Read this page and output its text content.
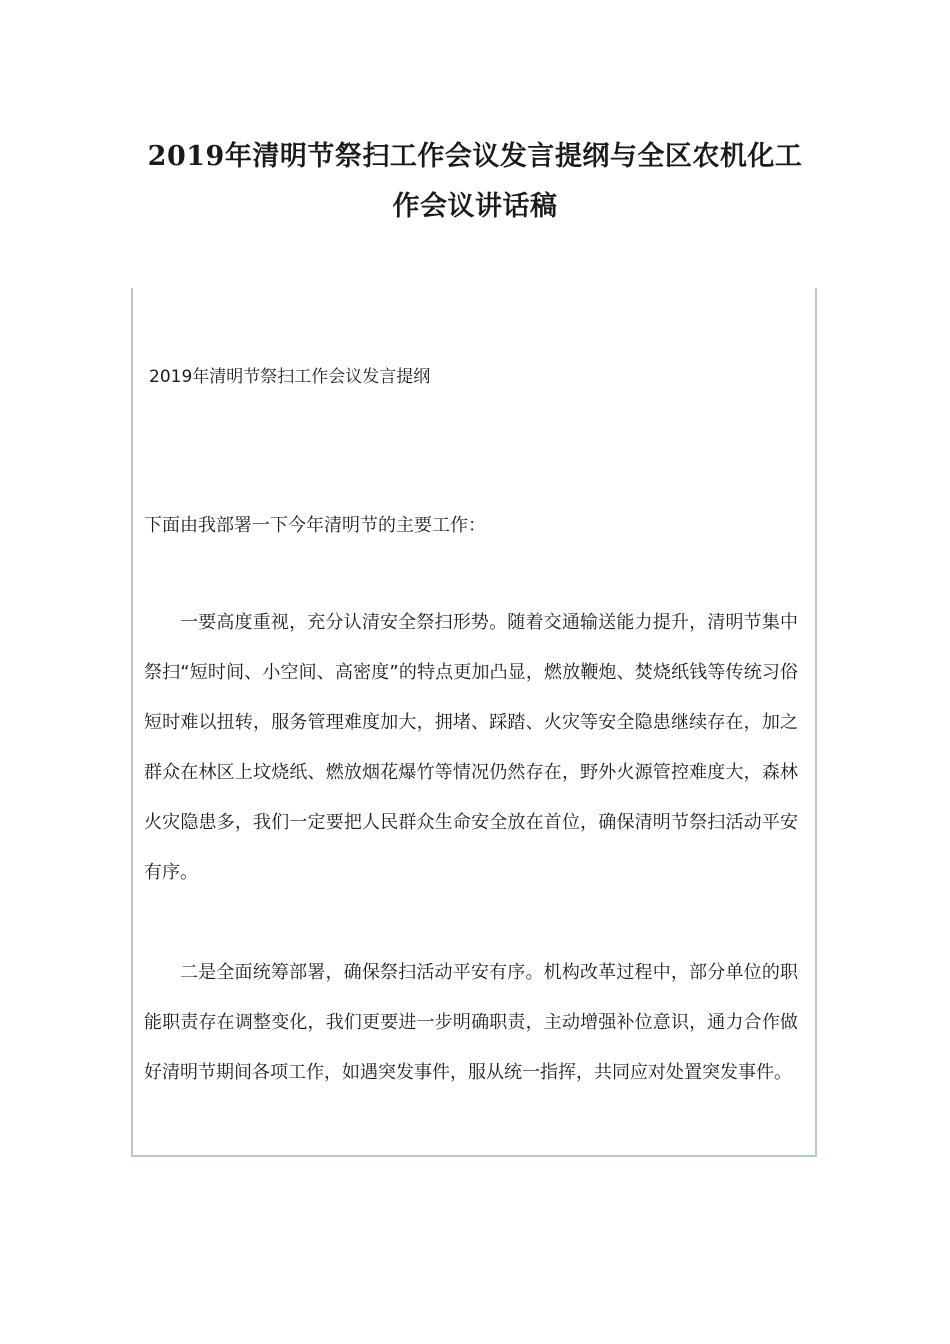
2019年清明节祭扫工作会议发言提纲与全区农机化工作会议讲话稿

2019年清明节祭扫工作会议发言提纲

下面由我部署一下今年清明节的主要工作：

一要高度重视，充分认清安全祭扫形势。随着交通输送能力提升，清明节集中祭扫“短时间、小空间、高密度”的特点更加凸显，燃放鞭炮、焚烧纸钱等传统习俗短时难以扭转，服务管理难度加大，拥堵、踩踏、火灾等安全隐患继续存在，加之群众在林区上坟烧纸、燃放烟花爆竹等情况仍然存在，野外火源管控难度大，森林火灾隐患多，我们一定要把人民群众生命安全放在首位，确保清明节祭扫活动平安有序。

二是全面统筹部署，确保祭扫活动平安有序。机构改革过程中，部分单位的职能职责存在调整变化，我们更要进一步明确职责，主动增强补位意识，通力合作做好清明节期间各项工作，如遇突发事件，服从统一指挥，共同应对处置突发事件。
